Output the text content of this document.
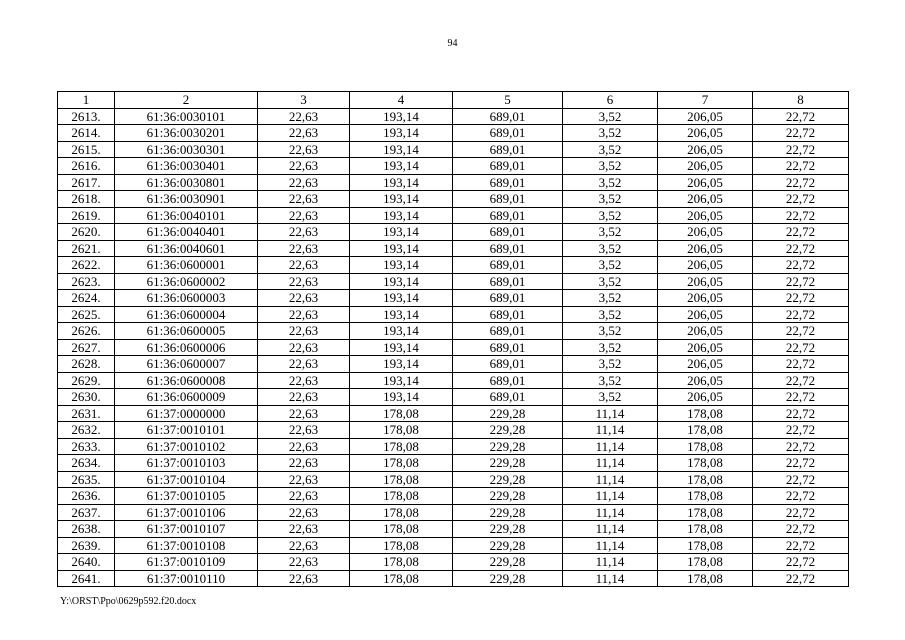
94
1	2	3	4	5	6	7	8
2613.	61:36:0030101	22,63	193,14	689,01	3,52	206,05	22,72
2614.	61:36:0030201	22,63	193,14	689,01	3,52	206,05	22,72
2615.	61:36:0030301	22,63	193,14	689,01	3,52	206,05	22,72
2616.	61:36:0030401	22,63	193,14	689,01	3,52	206,05	22,72
2617.	61:36:0030801	22,63	193,14	689,01	3,52	206,05	22,72
2618.	61:36:0030901	22,63	193,14	689,01	3,52	206,05	22,72
2619.	61:36:0040101	22,63	193,14	689,01	3,52	206,05	22,72
2620.	61:36:0040401	22,63	193,14	689,01	3,52	206,05	22,72
2621.	61:36:0040601	22,63	193,14	689,01	3,52	206,05	22,72
2622.	61:36:0600001	22,63	193,14	689,01	3,52	206,05	22,72
2623.	61:36:0600002	22,63	193,14	689,01	3,52	206,05	22,72
2624.	61:36:0600003	22,63	193,14	689,01	3,52	206,05	22,72
2625.	61:36:0600004	22,63	193,14	689,01	3,52	206,05	22,72
2626.	61:36:0600005	22,63	193,14	689,01	3,52	206,05	22,72
2627.	61:36:0600006	22,63	193,14	689,01	3,52	206,05	22,72
2628.	61:36:0600007	22,63	193,14	689,01	3,52	206,05	22,72
2629.	61:36:0600008	22,63	193,14	689,01	3,52	206,05	22,72
2630.	61:36:0600009	22,63	193,14	689,01	3,52	206,05	22,72
2631.	61:37:0000000	22,63	178,08	229,28	11,14	178,08	22,72
2632.	61:37:0010101	22,63	178,08	229,28	11,14	178,08	22,72
2633.	61:37:0010102	22,63	178,08	229,28	11,14	178,08	22,72
2634.	61:37:0010103	22,63	178,08	229,28	11,14	178,08	22,72
2635.	61:37:0010104	22,63	178,08	229,28	11,14	178,08	22,72
2636.	61:37:0010105	22,63	178,08	229,28	11,14	178,08	22,72
2637.	61:37:0010106	22,63	178,08	229,28	11,14	178,08	22,72
2638.	61:37:0010107	22,63	178,08	229,28	11,14	178,08	22,72
2639.	61:37:0010108	22,63	178,08	229,28	11,14	178,08	22,72
2640.	61:37:0010109	22,63	178,08	229,28	11,14	178,08	22,72
2641.	61:37:0010110	22,63	178,08	229,28	11,14	178,08	22,72
Y:\ORST\Ppo\0629p592.f20.docx
